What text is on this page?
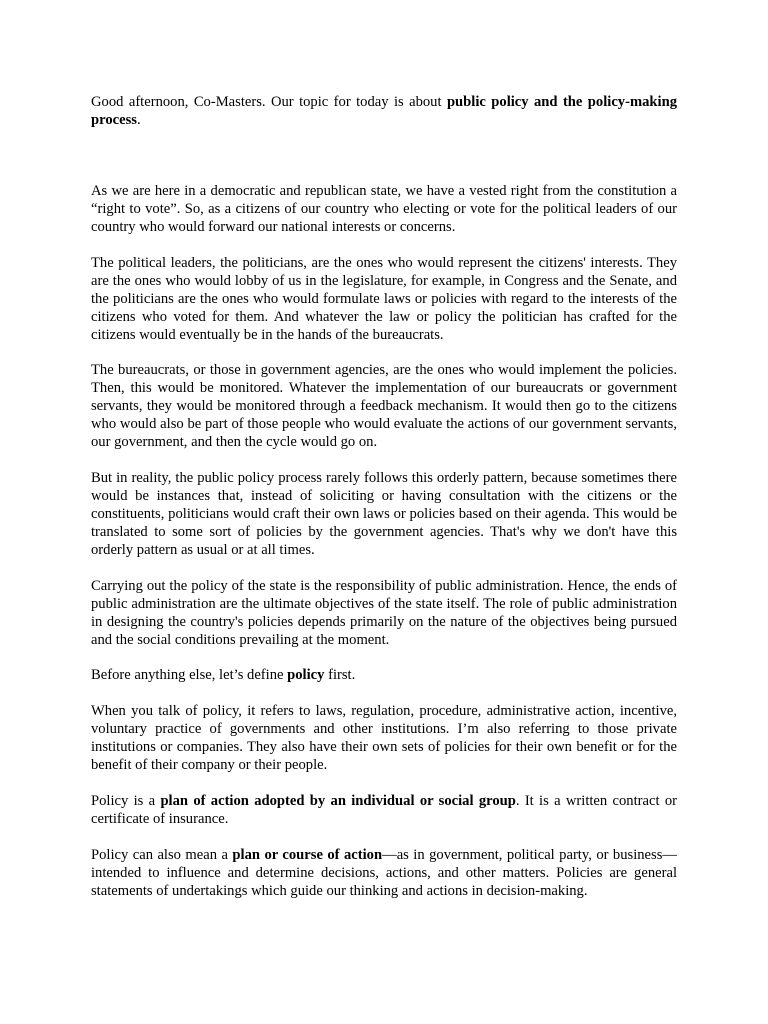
Good afternoon, Co-Masters. Our topic for today is about public policy and the policy-making process.

As we are here in a democratic and republican state, we have a vested right from the constitution a “right to vote”. So, as a citizens of our country who electing or vote for the political leaders of our country who would forward our national interests or concerns.

The political leaders, the politicians, are the ones who would represent the citizens' interests. They are the ones who would lobby of us in the legislature, for example, in Congress and the Senate, and the politicians are the ones who would formulate laws or policies with regard to the interests of the citizens who voted for them. And whatever the law or policy the politician has crafted for the citizens would eventually be in the hands of the bureaucrats.

The bureaucrats, or those in government agencies, are the ones who would implement the policies. Then, this would be monitored. Whatever the implementation of our bureaucrats or government servants, they would be monitored through a feedback mechanism. It would then go to the citizens who would also be part of those people who would evaluate the actions of our government servants, our government, and then the cycle would go on.

But in reality, the public policy process rarely follows this orderly pattern, because sometimes there would be instances that, instead of soliciting or having consultation with the citizens or the constituents, politicians would craft their own laws or policies based on their agenda. This would be translated to some sort of policies by the government agencies. That's why we don't have this orderly pattern as usual or at all times.

Carrying out the policy of the state is the responsibility of public administration. Hence, the ends of public administration are the ultimate objectives of the state itself. The role of public administration in designing the country's policies depends primarily on the nature of the objectives being pursued and the social conditions prevailing at the moment.

Before anything else, let’s define policy first.

When you talk of policy, it refers to laws, regulation, procedure, administrative action, incentive, voluntary practice of governments and other institutions. I’m also referring to those private institutions or companies. They also have their own sets of policies for their own benefit or for the benefit of their company or their people.

Policy is a plan of action adopted by an individual or social group. It is a written contract or certificate of insurance.

Policy can also mean a plan or course of action—as in government, political party, or business—intended to influence and determine decisions, actions, and other matters. Policies are general statements of undertakings which guide our thinking and actions in decision-making.
